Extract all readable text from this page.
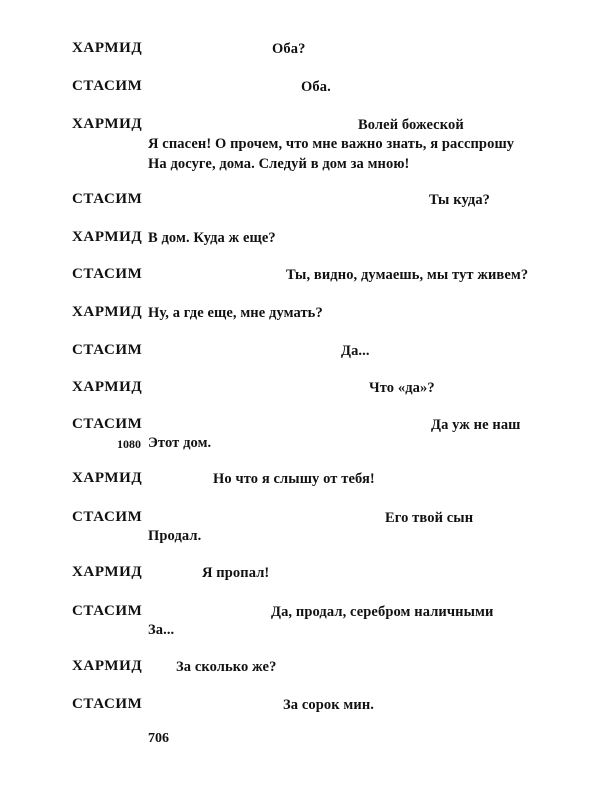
ХАРМИД	Оба?
СТАСИМ	Оба.
ХАРМИД	Волей божеской
Я спасен! О прочем, что мне важно знать, я расспрошу
На досуге, дома. Следуй в дом за мною!
СТАСИМ	Ты куда?
ХАРМИД В дом. Куда ж еще?
СТАСИМ	Ты, видно, думаешь, мы тут живем?
ХАРМИД Ну, а где еще, мне думать?
СТАСИМ	Да...
ХАРМИД	Что «да»?
СТАСИМ	Да уж не наш
1080 Этот дом.
ХАРМИД	Но что я слышу от тебя!
СТАСИМ	Его твой сын
Продал.
ХАРМИД	Я пропал!
СТАСИМ	Да, продал, серебром наличными
За...
ХАРМИД За сколько же?
СТАСИМ	За сорок мин.
706
